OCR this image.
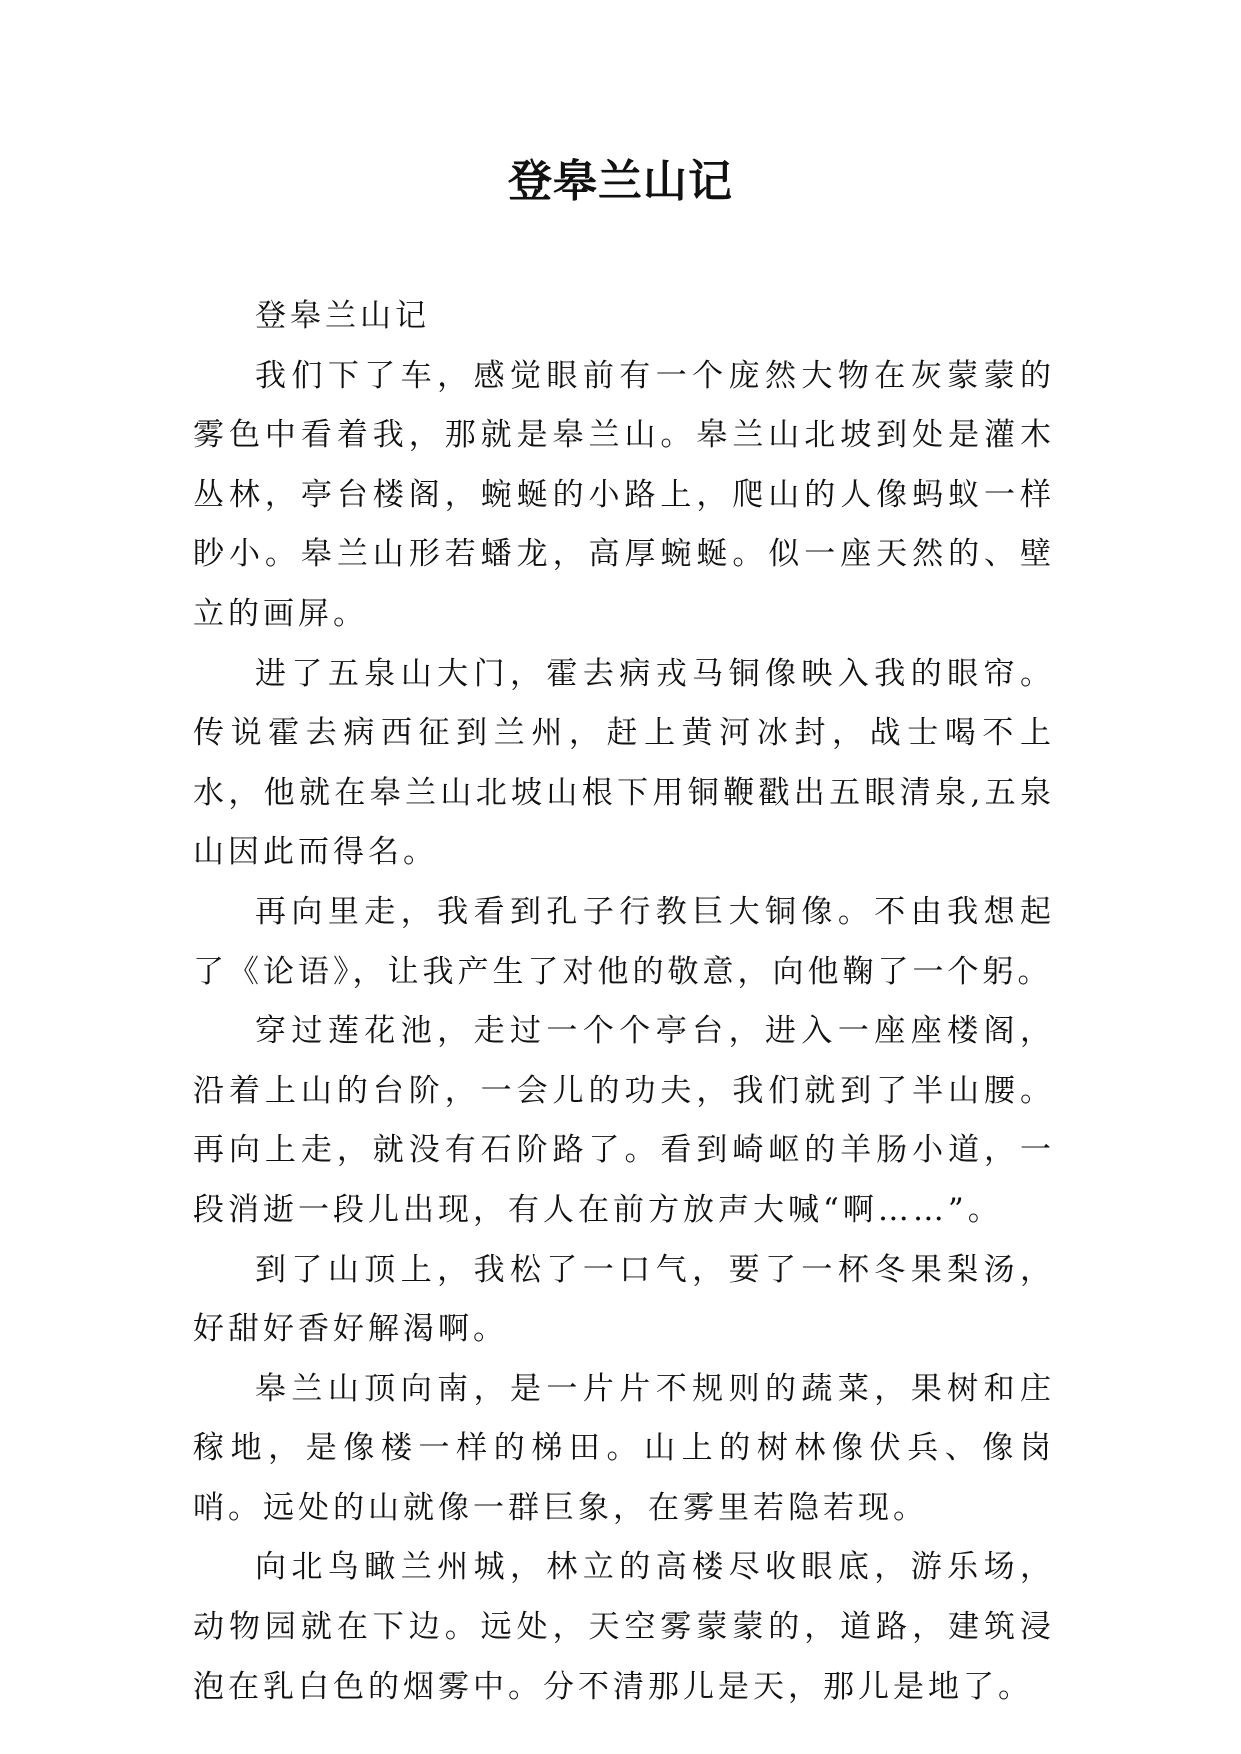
登皋兰山记

登皋兰山记

我们下了车，感觉眼前有一个庞然大物在灰蒙蒙的雾色中看着我，那就是皋兰山。皋兰山北坡到处是灌木丛林，亭台楼阁，蜿蜒的小路上，爬山的人像蚂蚁一样眇小。皋兰山形若蟠龙，高厚蜿蜒。似一座天然的、壁立的画屏。

进了五泉山大门，霍去病戎马铜像映入我的眼帘。传说霍去病西征到兰州，赶上黄河冰封，战士喝不上水，他就在皋兰山北坡山根下用铜鞭戳出五眼清泉,五泉山因此而得名。

再向里走，我看到孔子行教巨大铜像。不由我想起了《论语》，让我产生了对他的敬意，向他鞠了一个躬。

穿过莲花池，走过一个个亭台，进入一座座楼阁，沿着上山的台阶，一会儿的功夫，我们就到了半山腰。再向上走，就没有石阶路了。看到崎岖的羊肠小道，一段消逝一段儿出现，有人在前方放声大喊“啊……”。

到了山顶上，我松了一口气，要了一杯冬果梨汤，好甜好香好解渴啊。

皋兰山顶向南，是一片片不规则的蔬菜，果树和庄稼地，是像楼一样的梯田。山上的树林像伏兵、像岗哨。远处的山就像一群巨象，在雾里若隐若现。

向北鸟瞰兰州城，林立的高楼尽收眼底，游乐场，动物园就在下边。远处，天空雾蒙蒙的，道路，建筑浸泡在乳白色的烟雾中。分不清那儿是天，那儿是地了。
